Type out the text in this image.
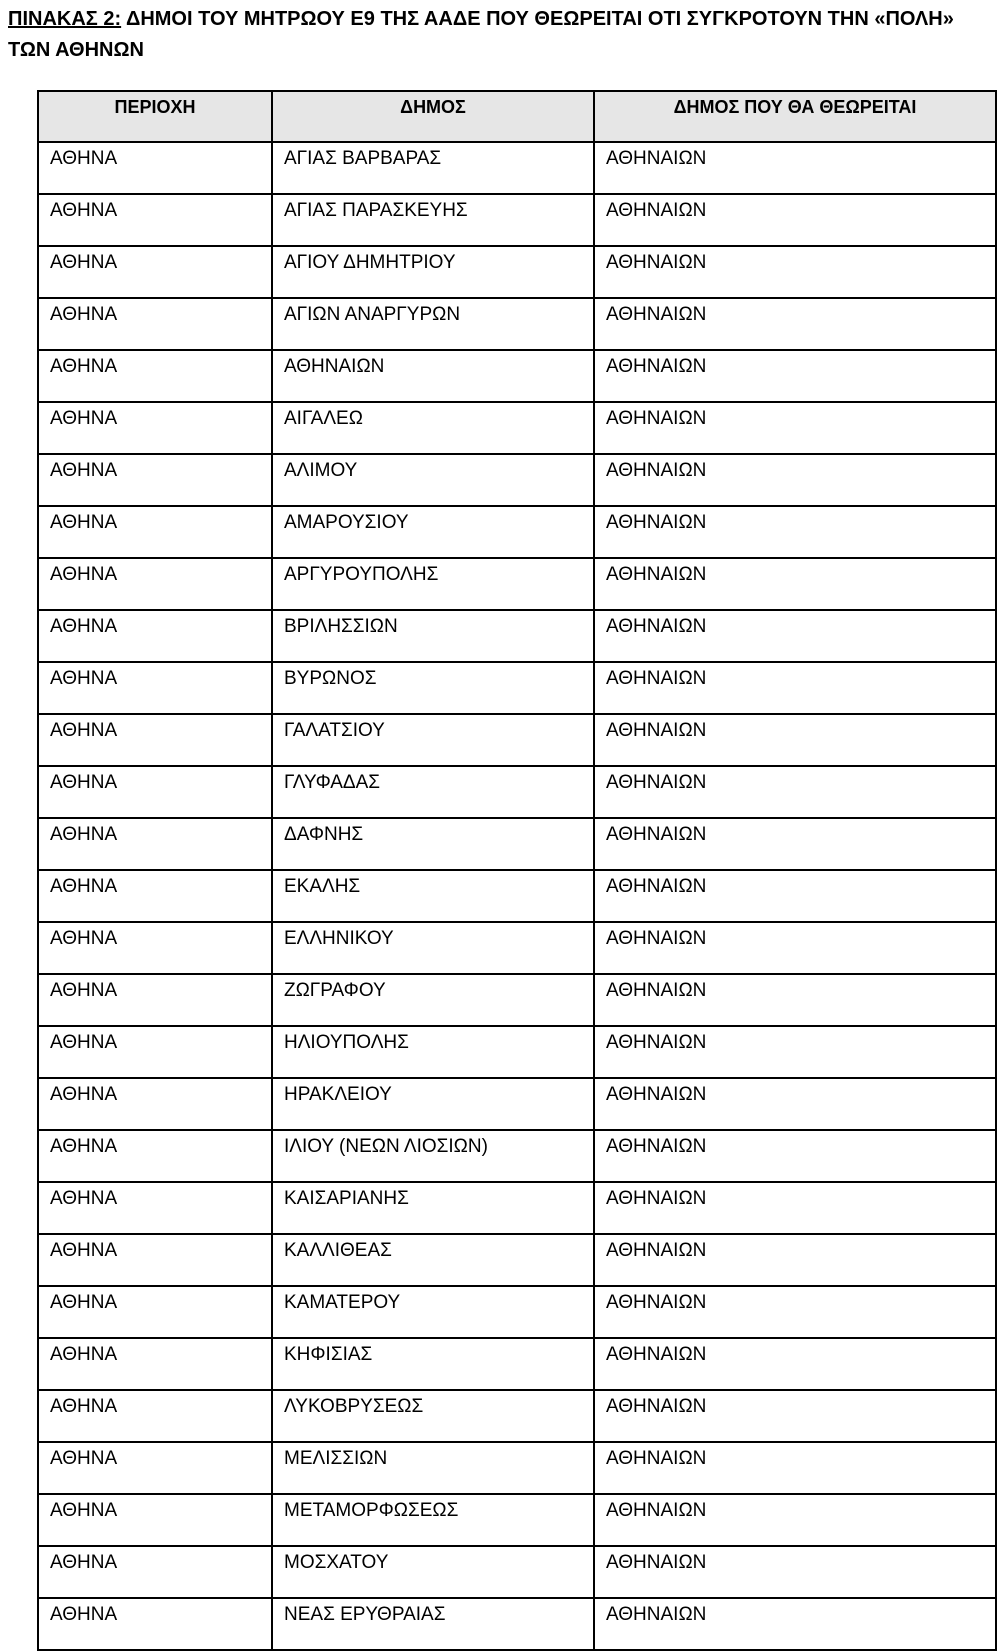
ΠΙΝΑΚΑΣ 2: ΔΗΜΟΙ ΤΟΥ ΜΗΤΡΩΟΥ Ε9 ΤΗΣ ΑΑΔΕ ΠΟΥ ΘΕΩΡΕΙΤΑΙ ΟΤΙ ΣΥΓΚΡΟΤΟΥΝ ΤΗΝ «ΠΟΛΗ»
ΤΩΝ ΑΘΗΝΩΝ
ΠΕΡΙΟΧΗ	ΔΗΜΟΣ	ΔΗΜΟΣ ΠΟΥ ΘΑ ΘΕΩΡΕΙΤΑΙ
ΑΘΗΝΑ	ΑΓΙΑΣ ΒΑΡΒΑΡΑΣ	ΑΘΗΝΑΙΩΝ
ΑΘΗΝΑ	ΑΓΙΑΣ ΠΑΡΑΣΚΕΥΗΣ	ΑΘΗΝΑΙΩΝ
ΑΘΗΝΑ	ΑΓΙΟΥ ΔΗΜΗΤΡΙΟΥ	ΑΘΗΝΑΙΩΝ
ΑΘΗΝΑ	ΑΓΙΩΝ ΑΝΑΡΓΥΡΩΝ	ΑΘΗΝΑΙΩΝ
ΑΘΗΝΑ	ΑΘΗΝΑΙΩΝ	ΑΘΗΝΑΙΩΝ
ΑΘΗΝΑ	ΑΙΓΑΛΕΩ	ΑΘΗΝΑΙΩΝ
ΑΘΗΝΑ	ΑΛΙΜΟΥ	ΑΘΗΝΑΙΩΝ
ΑΘΗΝΑ	ΑΜΑΡΟΥΣΙΟΥ	ΑΘΗΝΑΙΩΝ
ΑΘΗΝΑ	ΑΡΓΥΡΟΥΠΟΛΗΣ	ΑΘΗΝΑΙΩΝ
ΑΘΗΝΑ	ΒΡΙΛΗΣΣΙΩΝ	ΑΘΗΝΑΙΩΝ
ΑΘΗΝΑ	ΒΥΡΩΝΟΣ	ΑΘΗΝΑΙΩΝ
ΑΘΗΝΑ	ΓΑΛΑΤΣΙΟΥ	ΑΘΗΝΑΙΩΝ
ΑΘΗΝΑ	ΓΛΥΦΑΔΑΣ	ΑΘΗΝΑΙΩΝ
ΑΘΗΝΑ	ΔΑΦΝΗΣ	ΑΘΗΝΑΙΩΝ
ΑΘΗΝΑ	ΕΚΑΛΗΣ	ΑΘΗΝΑΙΩΝ
ΑΘΗΝΑ	ΕΛΛΗΝΙΚΟΥ	ΑΘΗΝΑΙΩΝ
ΑΘΗΝΑ	ΖΩΓΡΑΦΟΥ	ΑΘΗΝΑΙΩΝ
ΑΘΗΝΑ	ΗΛΙΟΥΠΟΛΗΣ	ΑΘΗΝΑΙΩΝ
ΑΘΗΝΑ	ΗΡΑΚΛΕΙΟΥ	ΑΘΗΝΑΙΩΝ
ΑΘΗΝΑ	ΙΛΙΟΥ (ΝΕΩΝ ΛΙΟΣΙΩΝ)	ΑΘΗΝΑΙΩΝ
ΑΘΗΝΑ	ΚΑΙΣΑΡΙΑΝΗΣ	ΑΘΗΝΑΙΩΝ
ΑΘΗΝΑ	ΚΑΛΛΙΘΕΑΣ	ΑΘΗΝΑΙΩΝ
ΑΘΗΝΑ	ΚΑΜΑΤΕΡΟΥ	ΑΘΗΝΑΙΩΝ
ΑΘΗΝΑ	ΚΗΦΙΣΙΑΣ	ΑΘΗΝΑΙΩΝ
ΑΘΗΝΑ	ΛΥΚΟΒΡΥΣΕΩΣ	ΑΘΗΝΑΙΩΝ
ΑΘΗΝΑ	ΜΕΛΙΣΣΙΩΝ	ΑΘΗΝΑΙΩΝ
ΑΘΗΝΑ	ΜΕΤΑΜΟΡΦΩΣΕΩΣ	ΑΘΗΝΑΙΩΝ
ΑΘΗΝΑ	ΜΟΣΧΑΤΟΥ	ΑΘΗΝΑΙΩΝ
ΑΘΗΝΑ	ΝΕΑΣ ΕΡΥΘΡΑΙΑΣ	ΑΘΗΝΑΙΩΝ
